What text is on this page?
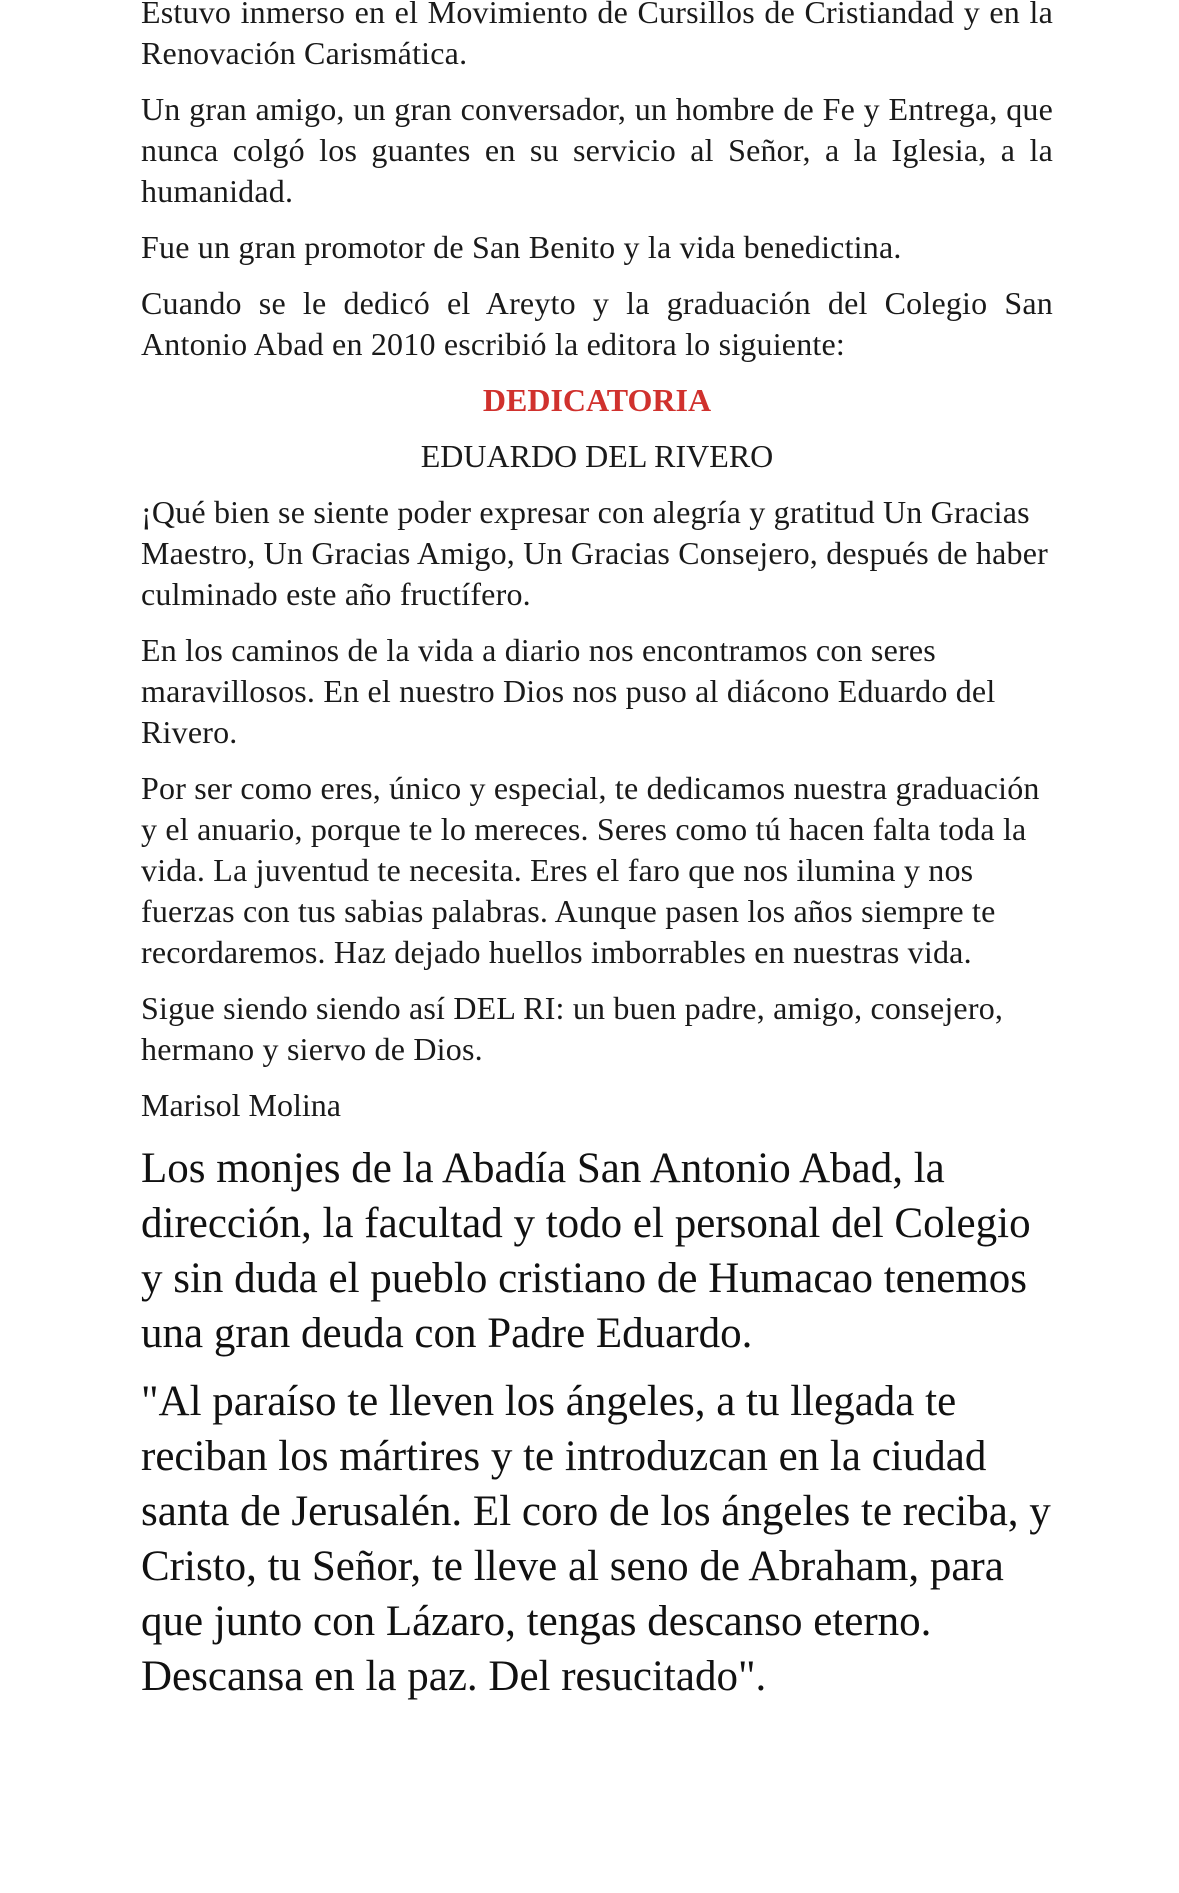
Estuvo inmerso en el Movimiento de Cursillos de Cristiandad y en la Renovación Carismática.

Un gran amigo, un gran conversador, un hombre de Fe y Entrega, que nunca colgó los guantes en su servicio al Señor, a la Iglesia, a la humanidad.

Fue un gran promotor de San Benito y la vida benedictina.

Cuando se le dedicó el Areyto y la graduación del Colegio San Antonio Abad en 2010 escribió la editora lo siguiente:

DEDICATORIA
EDUARDO DEL RIVERO

¡Qué bien se siente poder expresar con alegría y gratitud Un Gracias Maestro, Un Gracias Amigo, Un Gracias Consejero, después de haber culminado este año fructífero.

En los caminos de la vida a diario nos encontramos con seres maravillosos. En el nuestro Dios nos puso al diácono Eduardo del Rivero.

Por ser como eres, único y especial, te dedicamos nuestra graduación y el anuario, porque te lo mereces. Seres como tú hacen falta toda la vida. La juventud te necesita. Eres el faro que nos ilumina y nos fuerzas con tus sabias palabras. Aunque pasen los años siempre te recordaremos. Haz dejado huellos imborrables en nuestras vida.

Sigue siendo siendo así DEL RI: un buen padre, amigo, consejero, hermano y siervo de Dios.

Marisol Molina

Los monjes de la Abadía San Antonio Abad, la dirección, la facultad y todo el personal del Colegio y sin duda el pueblo cristiano de Humacao tenemos una gran deuda con Padre Eduardo.

"Al paraíso te lleven los ángeles, a tu llegada te reciban los mártires y te introduzcan en la ciudad santa de Jerusalén. El coro de los ángeles te reciba, y Cristo, tu Señor, te lleve al seno de Abraham, para que junto con Lázaro, tengas descanso eterno. Descansa en la paz. Del resucitado".
